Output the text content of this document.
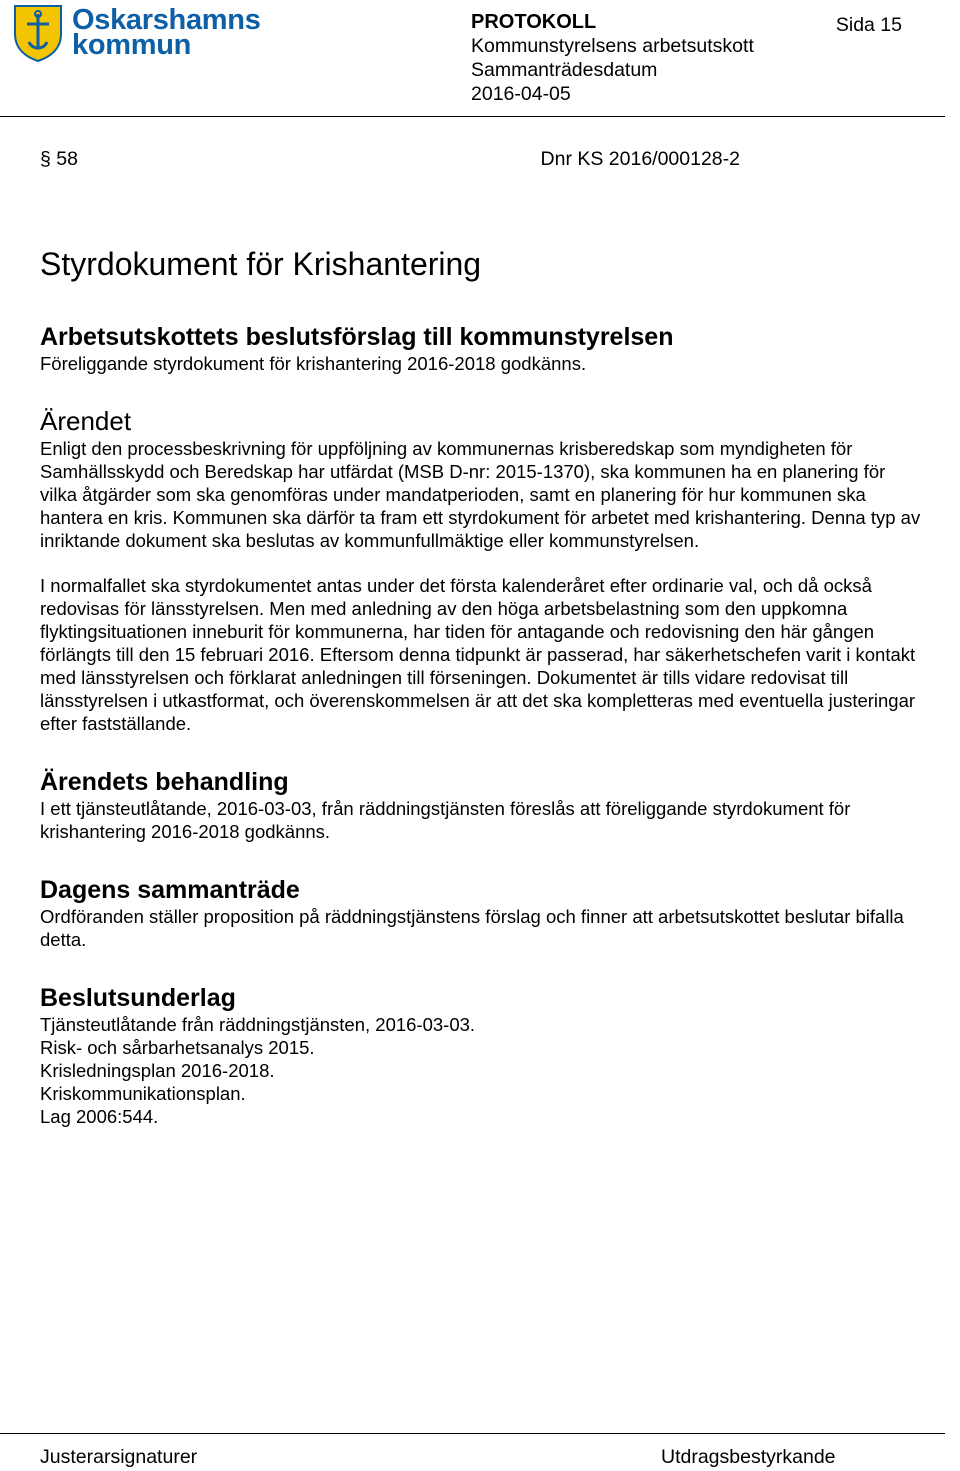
Oskarshamns
kommun
PROTOKOLL
Kommunstyrelsens arbetsutskott
Sammanträdesdatum
2016-04-05
Sida 15
§ 58	Dnr KS 2016/000128-2
Styrdokument för Krishantering
Arbetsutskottets beslutsförslag till kommunstyrelsen

Föreliggande styrdokument för krishantering 2016-2018 godkänns.

Ärendet

Enligt den processbeskrivning för uppföljning av kommunernas krisberedskap som myndigheten för Samhällsskydd och Beredskap har utfärdat (MSB D-nr: 2015-1370), ska kommunen ha en planering för vilka åtgärder som ska genomföras under mandatperioden, samt en planering för hur kommunen ska hantera en kris. Kommunen ska därför ta fram ett styrdokument för arbetet med krishantering. Denna typ av inriktande dokument ska beslutas av kommunfullmäktige eller kommunstyrelsen.

I normalfallet ska styrdokumentet antas under det första kalenderåret efter ordinarie val, och då också redovisas för länsstyrelsen. Men med anledning av den höga arbetsbelastning som den uppkomna flyktingsituationen inneburit för kommunerna, har tiden för antagande och redovisning den här gången förlängts till den 15 februari 2016. Eftersom denna tidpunkt är passerad, har säkerhetschefen varit i kontakt med länsstyrelsen och förklarat anledningen till förseningen. Dokumentet är tills vidare redovisat till länsstyrelsen i utkastformat, och överenskommelsen är att det ska kompletteras med eventuella justeringar efter fastställande.

Ärendets behandling

I ett tjänsteutlåtande, 2016-03-03, från räddningstjänsten föreslås att föreliggande styrdokument för krishantering 2016-2018 godkänns.

Dagens sammanträde

Ordföranden ställer proposition på räddningstjänstens förslag och finner att arbetsutskottet beslutar bifalla detta.

Beslutsunderlag
Tjänsteutlåtande från räddningstjänsten, 2016-03-03.
Risk- och sårbarhetsanalys 2015.
Krisledningsplan 2016-2018.
Kriskommunikationsplan.
Lag 2006:544.
Justerarsignaturer	Utdragsbestyrkande
